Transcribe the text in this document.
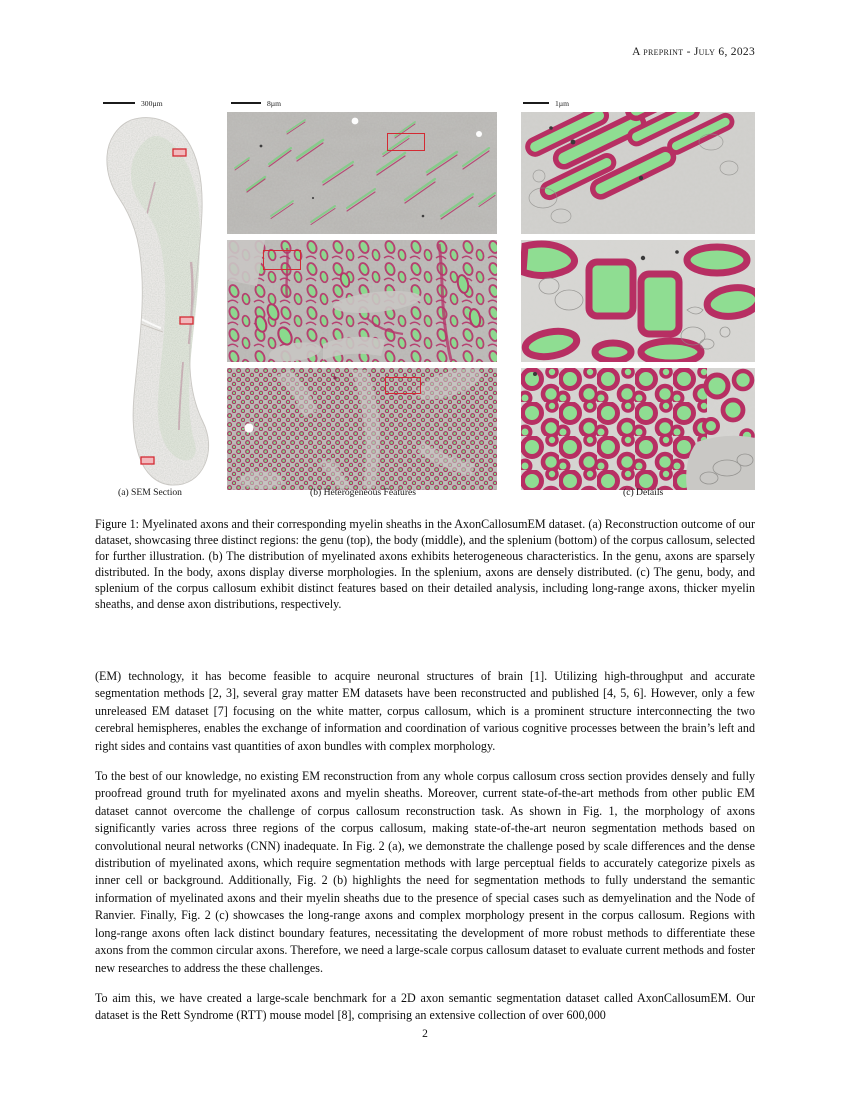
A preprint - July 6, 2023
300µm	8µm	1µm
(a) SEM Section	(b) Heterogeneous Features	(c) Details
Figure 1: Myelinated axons and their corresponding myelin sheaths in the AxonCallosumEM dataset. (a) Reconstruction outcome of our dataset, showcasing three distinct regions: the genu (top), the body (middle), and the splenium (bottom) of the corpus callosum, selected for further illustration. (b) The distribution of myelinated axons exhibits heterogeneous characteristics. In the genu, axons are sparsely distributed. In the body, axons display diverse morphologies. In the splenium, axons are densely distributed. (c) The genu, body, and splenium of the corpus callosum exhibit distinct features based on their detailed analysis, including long-range axons, thicker myelin sheaths, and dense axon distributions, respectively.

(EM) technology, it has become feasible to acquire neuronal structures of brain [1]. Utilizing high-throughput and accurate segmentation methods [2, 3], several gray matter EM datasets have been reconstructed and published [4, 5, 6]. However, only a few unreleased EM dataset [7] focusing on the white matter, corpus callosum, which is a prominent structure interconnecting the two cerebral hemispheres, enables the exchange of information and coordination of various cognitive processes between the brain’s left and right sides and contains vast quantities of axon bundles with complex morphology.

To the best of our knowledge, no existing EM reconstruction from any whole corpus callosum cross section provides densely and fully proofread ground truth for myelinated axons and myelin sheaths. Moreover, current state-of-the-art methods from other public EM dataset cannot overcome the challenge of corpus callosum reconstruction task. As shown in Fig. 1, the morphology of axons significantly varies across three regions of the corpus callosum, making state-of-the-art neuron segmentation methods based on convolutional neural networks (CNN) inadequate. In Fig. 2 (a), we demonstrate the challenge posed by scale differences and the dense distribution of myelinated axons, which require segmentation methods with large perceptual fields to accurately categorize pixels as inner cell or background. Additionally, Fig. 2 (b) highlights the need for segmentation methods to fully understand the semantic information of myelinated axons and their myelin sheaths due to the presence of special cases such as demyelination and the Node of Ranvier. Finally, Fig. 2 (c) showcases the long-range axons and complex morphology present in the corpus callosum. Regions with long-range axons often lack distinct boundary features, necessitating the development of more robust methods to differentiate these axons from the common circular axons. Therefore, we need a large-scale corpus callosum dataset to evaluate current methods and foster new researches to address the these challenges.

To aim this, we have created a large-scale benchmark for a 2D axon semantic segmentation dataset called AxonCallosumEM. Our dataset is the Rett Syndrome (RTT) mouse model [8], comprising an extensive collection of over 600,000

2
